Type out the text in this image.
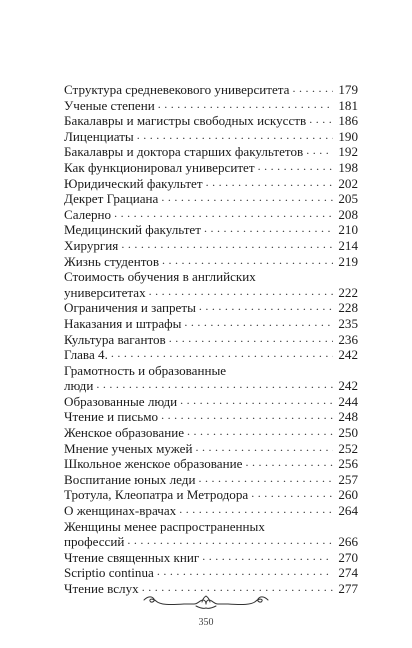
Структура средневекового университета . . .	179
Ученые степени . . .	181
Бакалавры и магистры свободных искусств . . . 186
Лиценциаты . . .	190
Бакалавры и доктора старших факультетов . . .	192
Как функционировал университет . . .	198
Юридический факультет . . .	202
Декрет Грациана . . .	205
Салерно . . .	208
Медицинский факультет . . .	210
Хирургия . . .	214
Жизнь студентов . . .	219
Стоимость обучения в английских
университетах . . .	222
Ограничения и запреты . . .	228
Наказания и штрафы . . .	235
Культура вагантов . . .	236
Глава 4. . . .	242
Грамотность и образованные
люди . . .	242
Образованные люди . . .	244
Чтение и письмо . . .	248
Женское образование . . .	250
Мнение ученых мужей . . .	252
Школьное женское образование . . .	256
Воспитание юных леди . . .	257
Тротула, Клеопатра и Метродора . . .	260
О женщинах-врачах . . .	264
Женщины менее распространенных
профессий . . .	266
Чтение священных книг . . .	270
Scriptio continua . . .	274
Чтение вслух . . .	277
350
